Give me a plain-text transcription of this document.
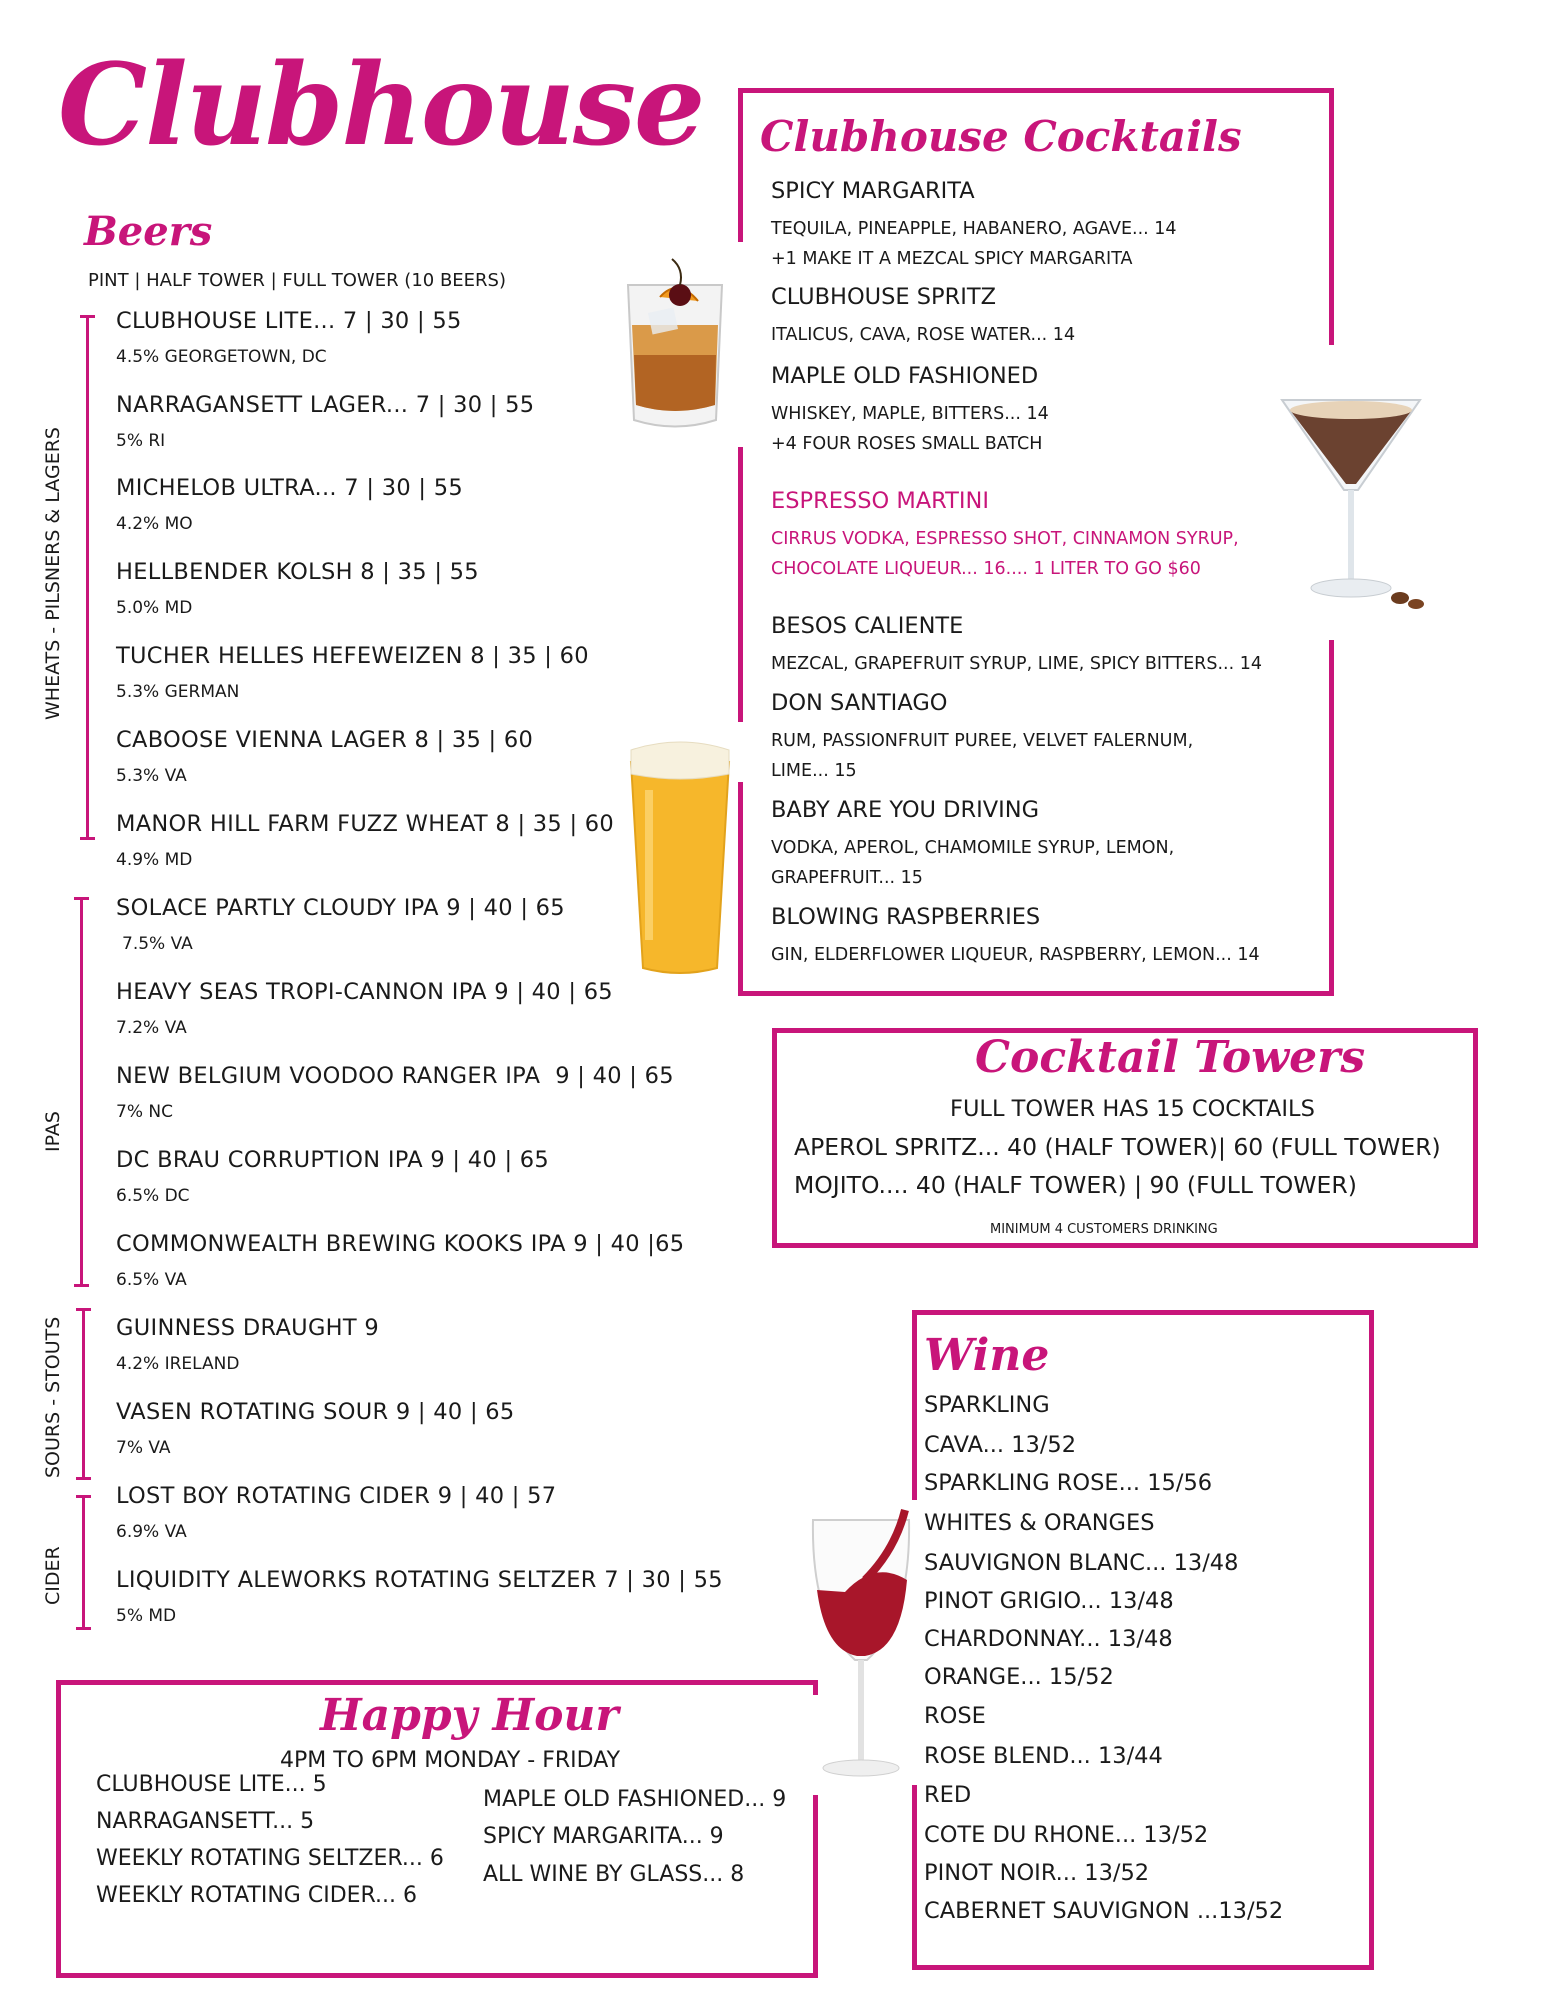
Clubhouse
Beers
PINT | HALF TOWER | FULL TOWER (10 BEERS)
WHEATS - PILSNERS & LAGERS
IPAS
SOURS - STOUTS
CIDER
CLUBHOUSE LITE... 7 | 30 | 55
4.5% GEORGETOWN, DC
NARRAGANSETT LAGER... 7 | 30 | 55
5% RI
MICHELOB ULTRA... 7 | 30 | 55
4.2% MO
HELLBENDER KOLSH 8 | 35 | 55
5.0% MD
TUCHER HELLES HEFEWEIZEN 8 | 35 | 60
5.3% GERMAN
CABOOSE VIENNA LAGER 8 | 35 | 60
5.3% VA
MANOR HILL FARM FUZZ WHEAT 8 | 35 | 60
4.9% MD
SOLACE PARTLY CLOUDY IPA 9 | 40 | 65
7.5% VA
HEAVY SEAS TROPI-CANNON IPA 9 | 40 | 65
7.2% VA
NEW BELGIUM VOODOO RANGER IPA  9 | 40 | 65
7% NC
DC BRAU CORRUPTION IPA 9 | 40 | 65
6.5% DC
COMMONWEALTH BREWING KOOKS IPA 9 | 40 |65
6.5% VA
GUINNESS DRAUGHT 9
4.2% IRELAND
VASEN ROTATING SOUR 9 | 40 | 65
7% VA
LOST BOY ROTATING CIDER 9 | 40 | 57
6.9% VA
LIQUIDITY ALEWORKS ROTATING SELTZER 7 | 30 | 55
5% MD
Clubhouse Cocktails
SPICY MARGARITA
TEQUILA, PINEAPPLE, HABANERO, AGAVE... 14
+1 MAKE IT A MEZCAL SPICY MARGARITA
CLUBHOUSE SPRITZ
ITALICUS, CAVA, ROSE WATER... 14
MAPLE OLD FASHIONED
WHISKEY, MAPLE, BITTERS... 14
+4 FOUR ROSES SMALL BATCH
ESPRESSO MARTINI
CIRRUS VODKA, ESPRESSO SHOT, CINNAMON SYRUP,
CHOCOLATE LIQUEUR... 16.... 1 LITER TO GO $60
BESOS CALIENTE
MEZCAL, GRAPEFRUIT SYRUP, LIME, SPICY BITTERS... 14
DON SANTIAGO
RUM, PASSIONFRUIT PUREE, VELVET FALERNUM,
LIME... 15
BABY ARE YOU DRIVING
VODKA, APEROL, CHAMOMILE SYRUP, LEMON,
GRAPEFRUIT... 15
BLOWING RASPBERRIES
GIN, ELDERFLOWER LIQUEUR, RASPBERRY, LEMON... 14
Cocktail Towers
FULL TOWER HAS 15 COCKTAILS
APEROL SPRITZ... 40 (HALF TOWER)| 60 (FULL TOWER)
MOJITO.... 40 (HALF TOWER) | 90 (FULL TOWER)
MINIMUM 4 CUSTOMERS DRINKING
Wine
SPARKLING
CAVA... 13/52
SPARKLING ROSE... 15/56
WHITES & ORANGES
SAUVIGNON BLANC... 13/48
PINOT GRIGIO... 13/48
CHARDONNAY... 13/48
ORANGE... 15/52
ROSE
ROSE BLEND... 13/44
RED
COTE DU RHONE... 13/52
PINOT NOIR... 13/52
CABERNET SAUVIGNON ...13/52
Happy Hour
4PM TO 6PM MONDAY - FRIDAY
CLUBHOUSE LITE... 5
NARRAGANSETT... 5
WEEKLY ROTATING SELTZER... 6
WEEKLY ROTATING CIDER... 6
MAPLE OLD FASHIONED... 9
SPICY MARGARITA... 9
ALL WINE BY GLASS... 8
